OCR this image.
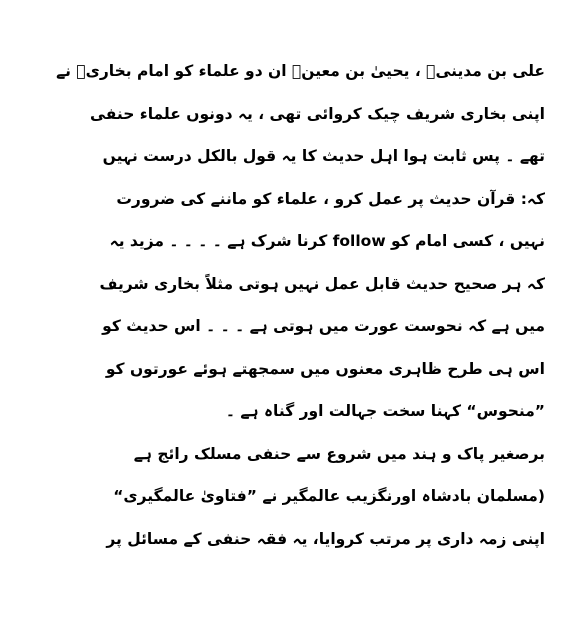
علی بن مدینیؒ ، یحییٰ بن معینؒ ان دو علماء کو امام بخاریؒ نے
اپنی بخاری شریف چیک کروائی تھی ، یہ دونوں علماء حنفی
تھے ۔ پس ثابت ہوا اہل حدیث کا یہ قول بالکل درست نہیں
کہ: قرآن حدیث پر عمل کرو ، علماء کو ماننے کی ضرورت
نہیں ، کسی امام کو follow کرنا شرک ہے ۔ ۔ ۔ ۔ مزید یہ
کہ ہر صحیح حدیث قابل عمل نہیں ہوتی مثلاً بخاری شریف
میں ہے کہ نحوست عورت میں ہوتی ہے ۔ ۔ ۔ اس حدیث کو
اس ہی طرح ظاہری معنوں میں سمجھتے ہوئے عورتوں کو
”منحوس“ کہنا سخت جہالت اور گناہ ہے ۔
برصغیر پاک و ہند میں شروع سے حنفی مسلک رائج ہے
(مسلمان بادشاہ اورنگزیب عالمگیر نے ”فتاویٰ عالمگیری“
اپنی زمہ داری پر مرتب کروایا، یہ فقہ حنفی کے مسائل پر
